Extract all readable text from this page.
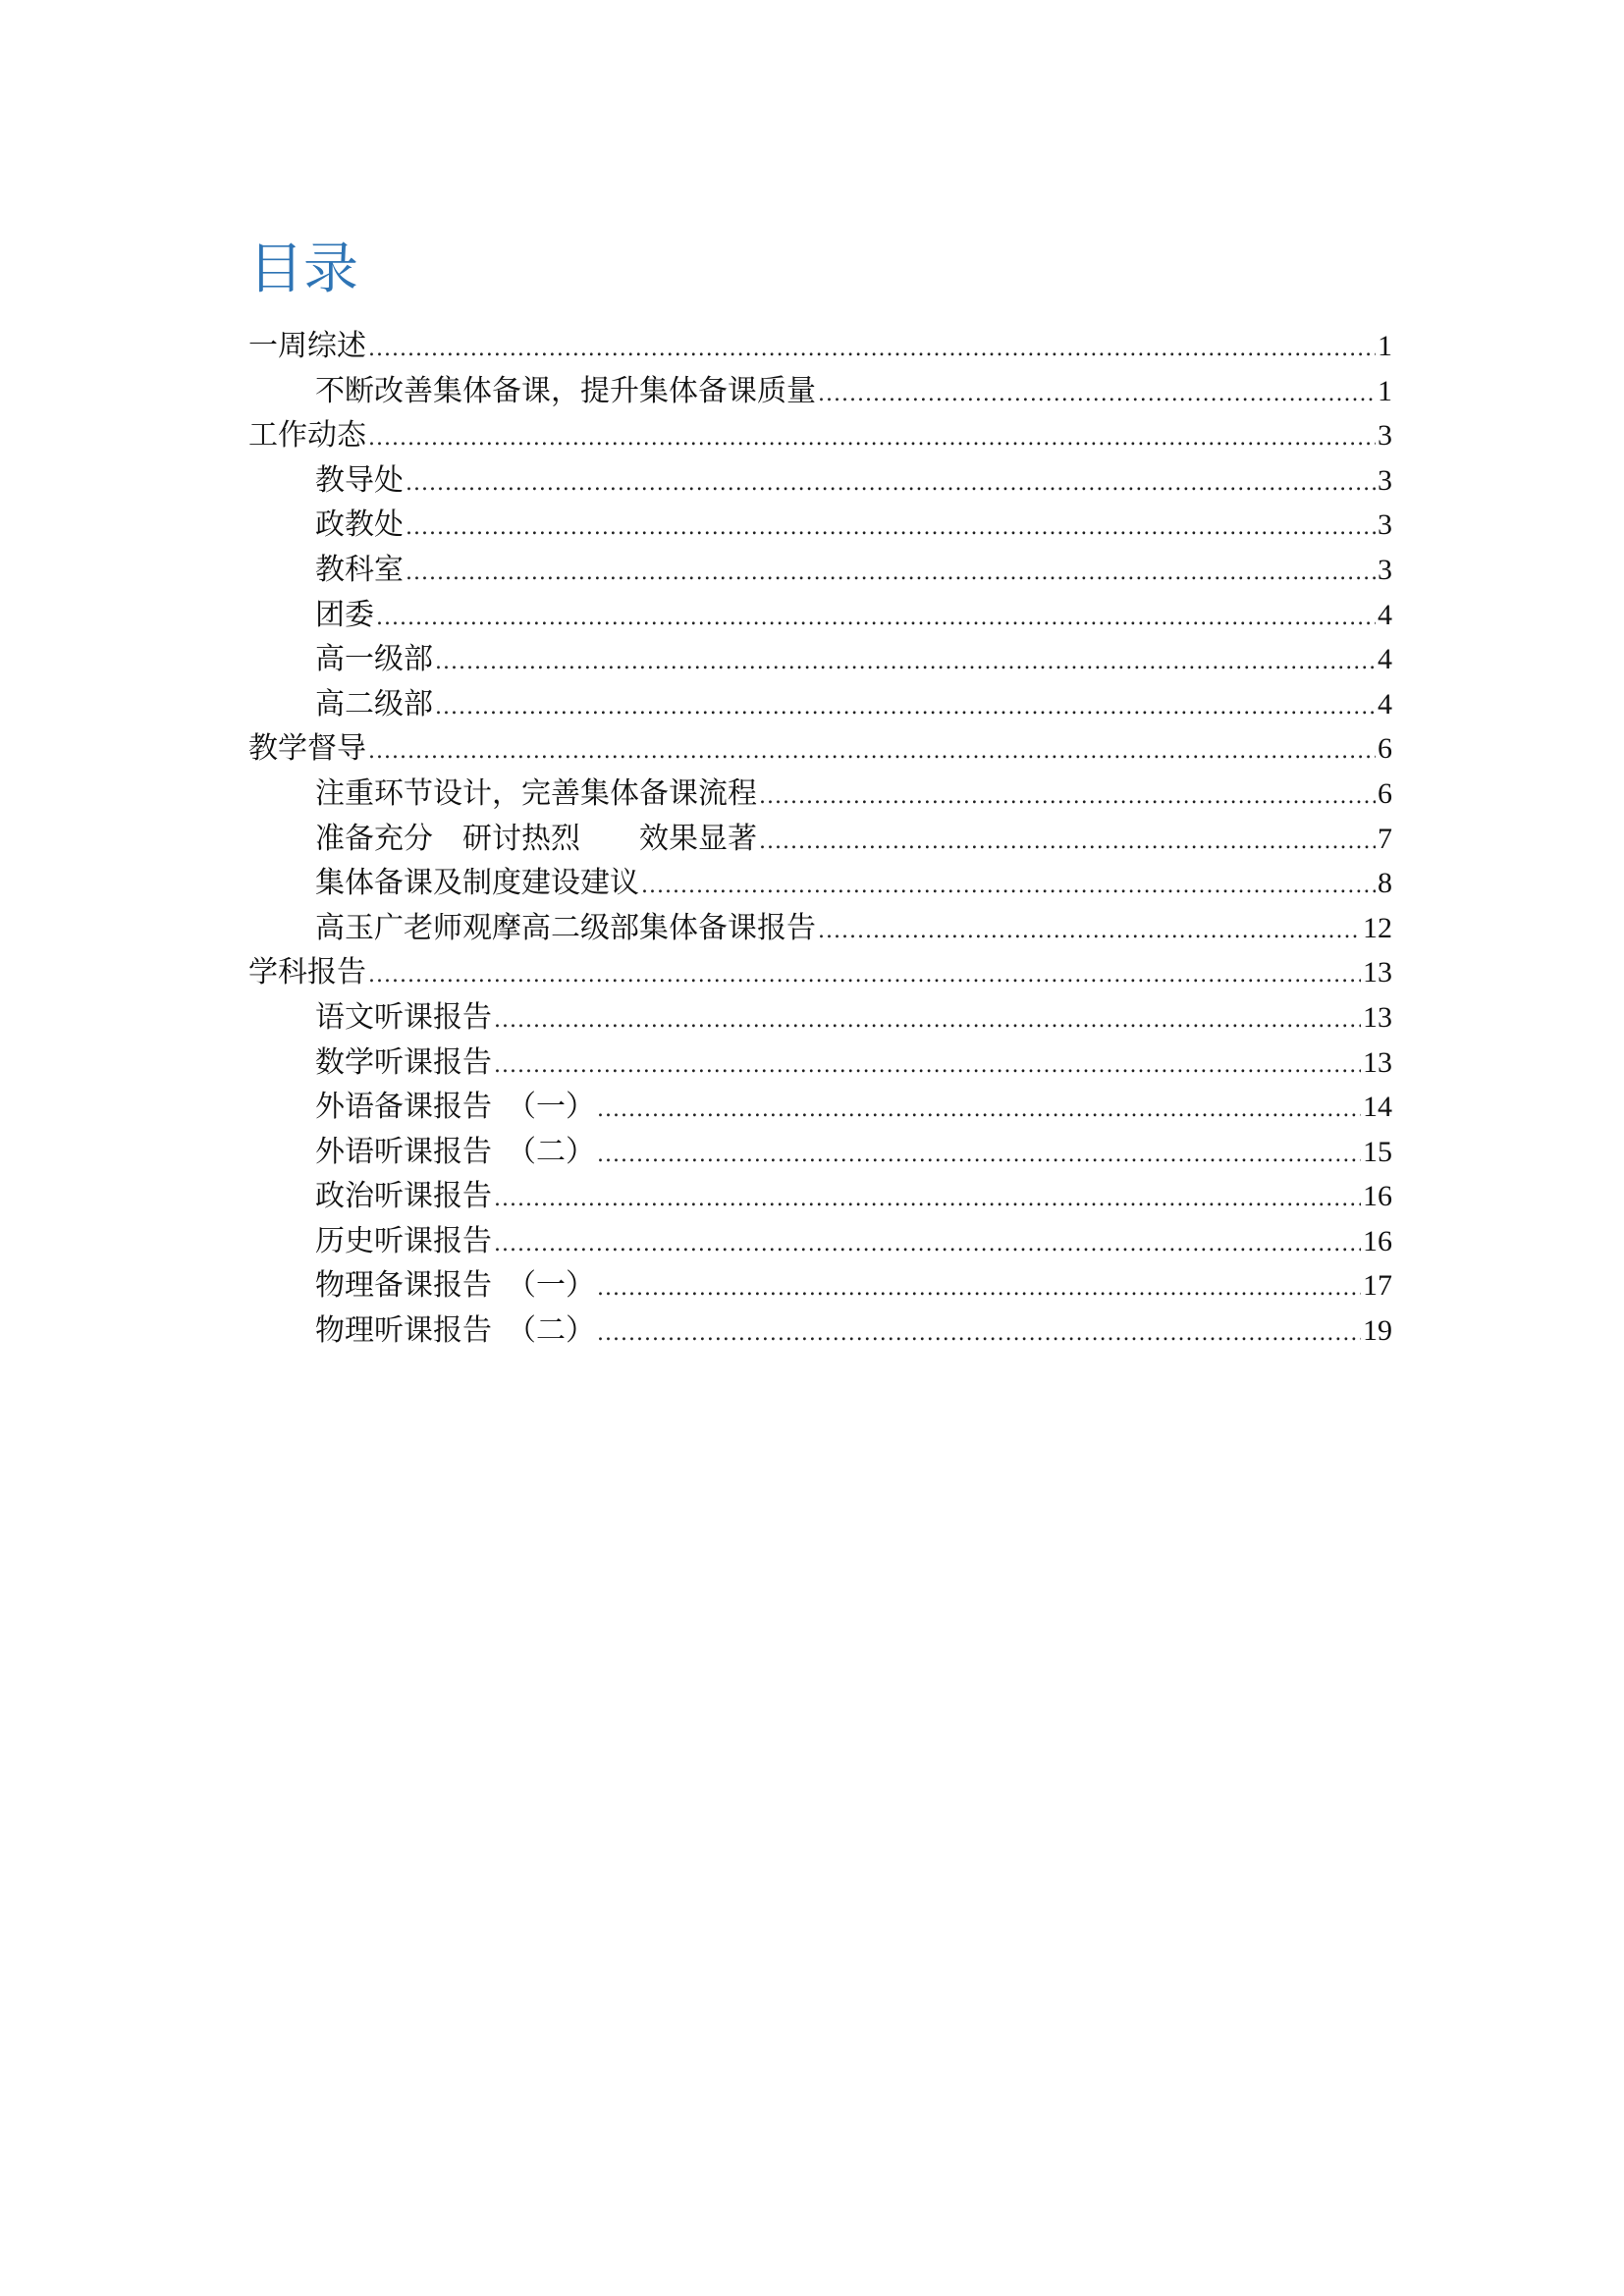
目录
一周综述 .....	1
不断改善集体备课，提升集体备课质量 .....	1
工作动态 .....	3
教导处 .....	3
政教处 .....	3
教科室 .....	3
团委 .....	4
高一级部 .....	4
高二级部 .....	4
教学督导 .....	6
注重环节设计，完善集体备课流程 .....	6
准备充分　研讨热烈　　效果显著 .....	7
集体备课及制度建设建议 .....	8
高玉广老师观摩高二级部集体备课报告 .....	12
学科报告 .....	13
语文听课报告 .....	13
数学听课报告 .....	13
外语备课报告　（一） .....	14
外语听课报告　（二） .....	15
政治听课报告 .....	16
历史听课报告 .....	16
物理备课报告　（一） .....	17
物理听课报告　（二） .....	19
